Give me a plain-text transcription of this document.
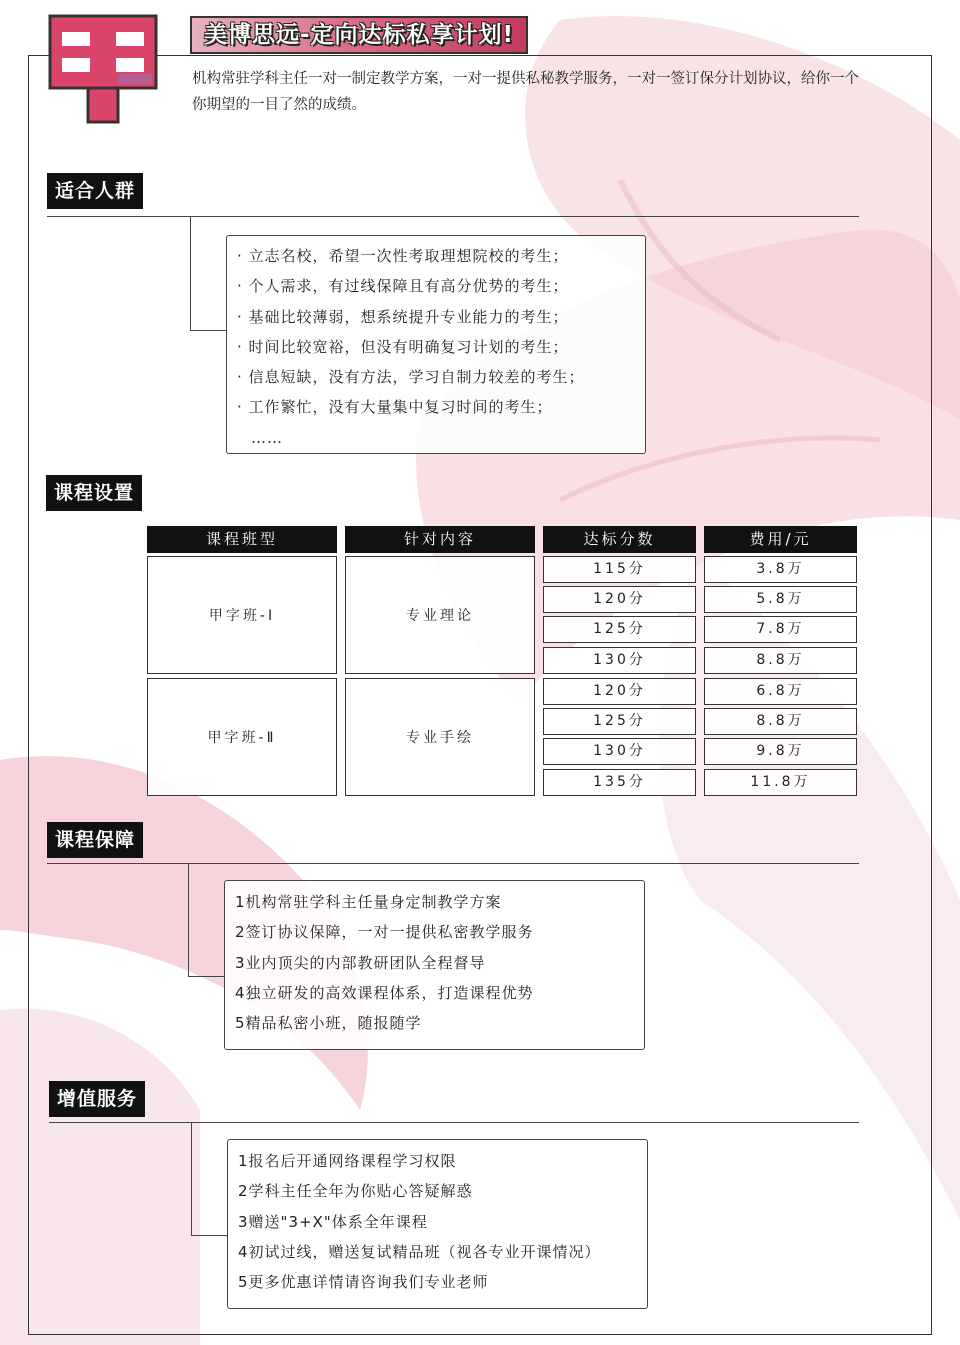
美博思远-定向达标私享计划!
机构常驻学科主任一对一制定教学方案，一对一提供私秘教学服务，一对一签订保分计划协议，给你一个你期望的一目了然的成绩。
适合人群
· 立志名校，希望一次性考取理想院校的考生；
· 个人需求，有过线保障且有高分优势的考生；
· 基础比较薄弱，想系统提升专业能力的考生；
· 时间比较宽裕，但没有明确复习计划的考生；
· 信息短缺，没有方法，学习自制力较差的考生；
· 工作繁忙，没有大量集中复习时间的考生；
……
课程设置
课程班型	针对内容	达标分数	费用/元
甲字班-Ⅰ	专业理论
115分	3.8万
120分	5.8万
125分	7.8万
130分	8.8万
甲字班-Ⅱ	专业手绘
120分	6.8万
125分	8.8万
130分	9.8万
135分	11.8万
课程保障
1机构常驻学科主任量身定制教学方案
2签订协议保障，一对一提供私密教学服务
3业内顶尖的内部教研团队全程督导
4独立研发的高效课程体系，打造课程优势
5精品私密小班，随报随学
增值服务
1报名后开通网络课程学习权限
2学科主任全年为你贴心答疑解惑
3赠送"3+X"体系全年课程
4初试过线，赠送复试精品班（视各专业开课情况）
5更多优惠详情请咨询我们专业老师
